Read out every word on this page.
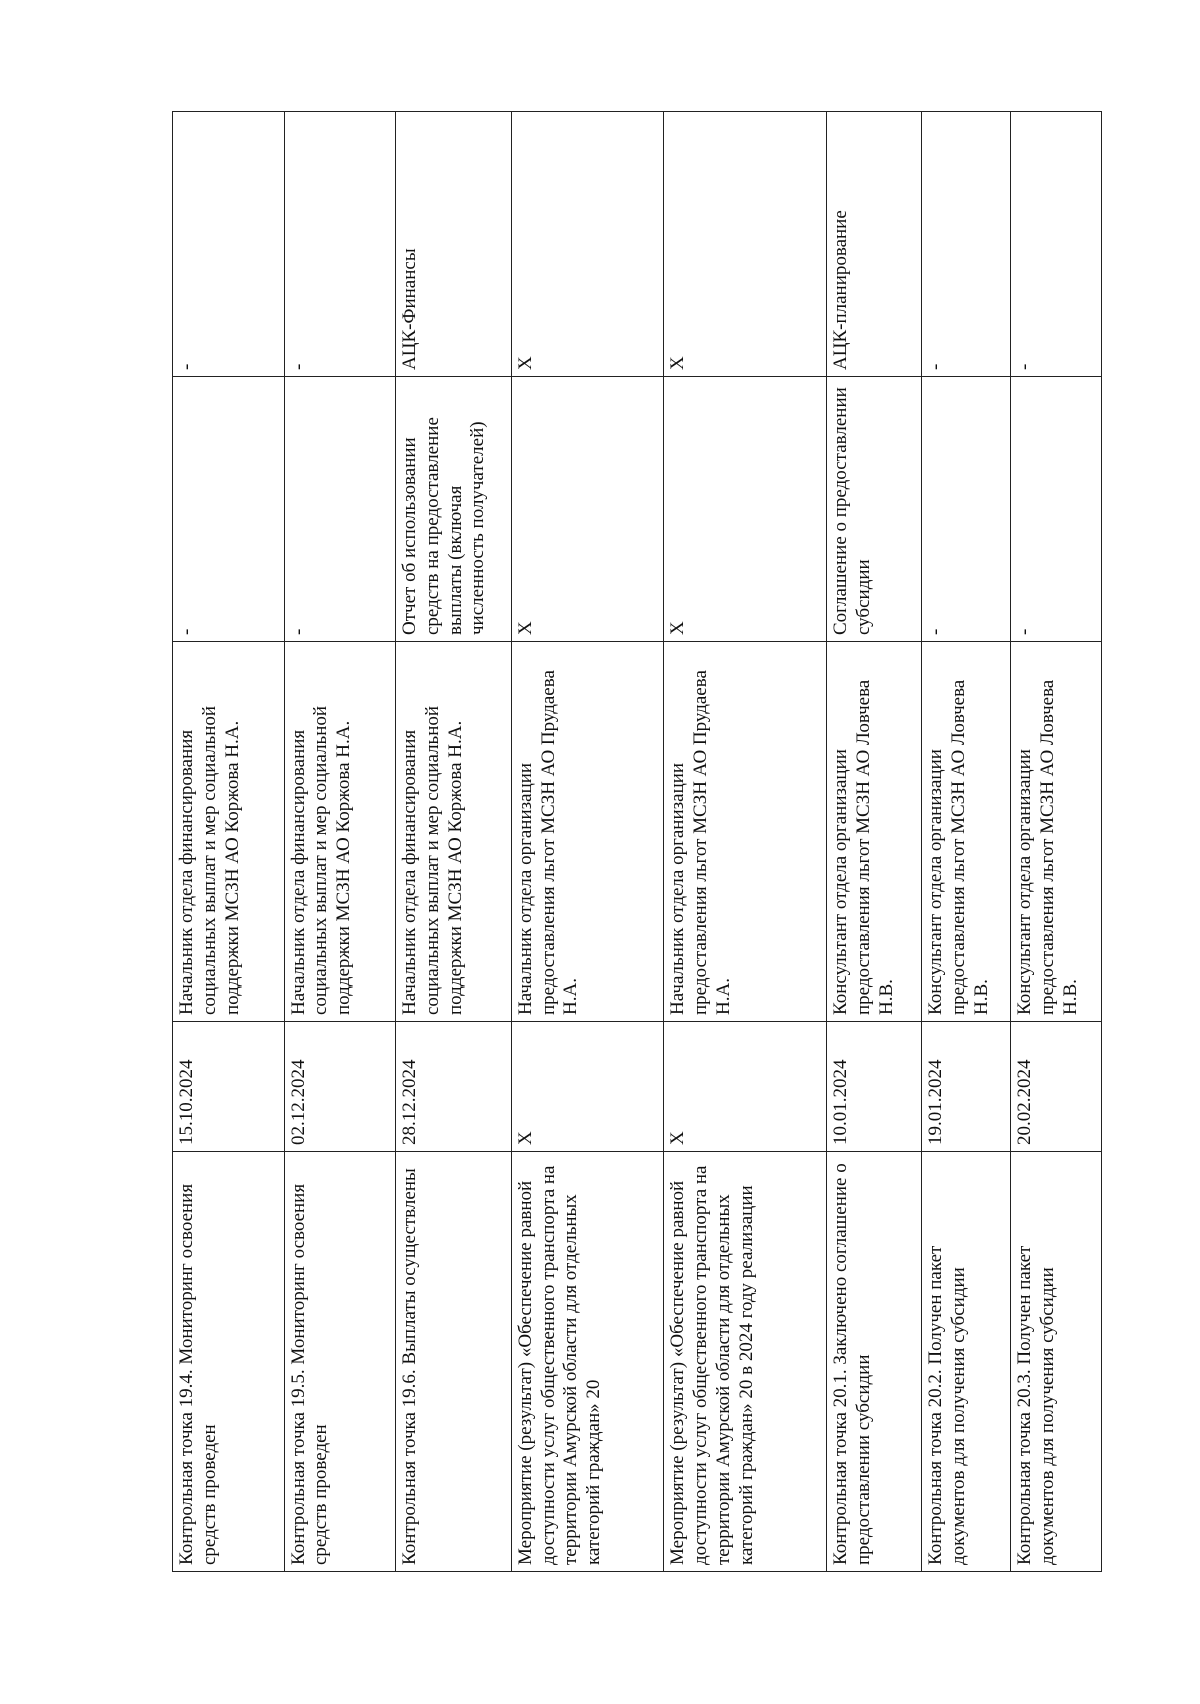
Контрольная точка 19.4. Мониторинг освоения средств проведен	15.10.2024	Начальник отдела финансирования социальных выплат и мер социальной поддержки МСЗН АО Коржова Н.А.	-	-
Контрольная точка 19.5. Мониторинг освоения средств проведен	02.12.2024	Начальник отдела финансирования социальных выплат и мер социальной поддержки МСЗН АО Коржова Н.А.	-	-
Контрольная точка 19.6. Выплаты осуществлены	28.12.2024	Начальник отдела финансирования социальных выплат и мер социальной поддержки МСЗН АО Коржова Н.А.	Отчет об использовании средств на предоставление выплаты (включая численность получателей)	АЦК-Финансы
Мероприятие (результат) «Обеспечение равной доступности услуг общественного транспорта на территории Амурской области для отдельных категорий граждан» 20	X	Начальник отдела организации предоставления льгот МСЗН АО Прудаева Н.А.	X	X
Мероприятие (результат) «Обеспечение равной доступности услуг общественного транспорта на территории Амурской области для отдельных категорий граждан» 20 в 2024 году реализации	X	Начальник отдела организации предоставления льгот МСЗН АО Прудаева Н.А.	X	X
Контрольная точка 20.1. Заключено соглашение о предоставлении субсидии	10.01.2024	Консультант отдела организации предоставления льгот МСЗН АО Ловчева Н.В.	Соглашение о предоставлении субсидии	АЦК-планирование
Контрольная точка 20.2. Получен пакет документов для получения субсидии	19.01.2024	Консультант отдела организации предоставления льгот МСЗН АО Ловчева Н.В.	-	-
Контрольная точка 20.3. Получен пакет документов для получения субсидии	20.02.2024	Консультант отдела организации предоставления льгот МСЗН АО Ловчева Н.В.	-	-
